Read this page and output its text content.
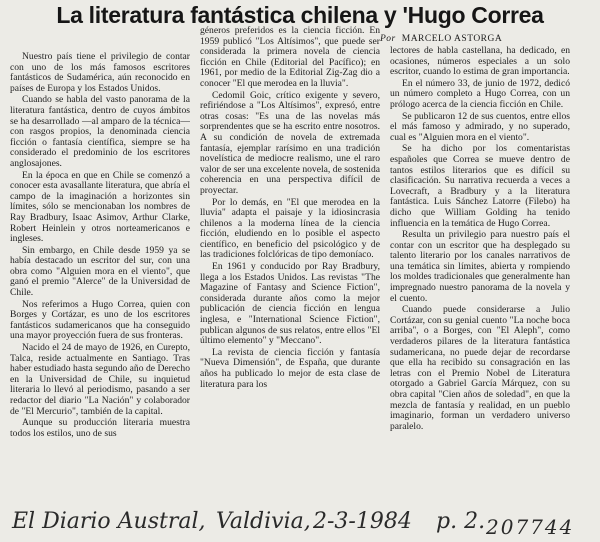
La literatura fantástica chilena y 'Hugo Correa
Por MARCELO ASTORGA

Nuestro país tiene el privilegio de contar con uno de los más famosos escritores fantásticos de Sudamérica, aún reconocido en países de Europa y los Estados Unidos.

Cuando se habla del vasto panorama de la literatura fantástica, dentro de cuyos ámbitos se ha desarrollado —al amparo de la técnica— con rasgos propios, la denominada ciencia ficción o fantasía científica, siempre se ha considerado el predominio de los escritores anglosajones.

En la época en que en Chile se comenzó a conocer esta avasallante literatura, que abría el campo de la imaginación a horizontes sin límites, sólo se mencionaban los nombres de Ray Bradbury, Isaac Asimov, Arthur Clarke, Robert Heinlein y otros norteamericanos e ingleses.

Sin embargo, en Chile desde 1959 ya se había destacado un escritor del sur, con una obra como "Alguien mora en el viento", que ganó el premio "Alerce" de la Universidad de Chile.

Nos referimos a Hugo Correa, quien con Borges y Cortázar, es uno de los escritores fantásticos sudamericanos que ha conseguido una mayor proyección fuera de sus fronteras.

Nacido el 24 de mayo de 1926, en Curepto, Talca, reside actualmente en Santiago. Tras haber estudiado hasta segundo año de Derecho en la Universidad de Chile, su inquietud literaria lo llevó al periodismo, pasando a ser redactor del diario "La Nación" y colaborador de "El Mercurio", también de la capital.

Aunque su producción literaria muestra todos los estilos, uno de sus

géneros preferidos es la ciencia ficción. En 1959 publicó "Los Altísimos", que puede ser considerada la primera novela de ciencia ficción en Chile (Editorial del Pacífico); en 1961, por medio de la Editorial Zig-Zag dio a conocer "El que merodea en la lluvia".

Cedomil Goic, crítico exigente y severo, refiriéndose a "Los Altísimos", expresó, entre otras cosas: "Es una de las novelas más sorprendentes que se ha escrito entre nosotros. A su condición de novela de extremada fantasía, ejemplar rarísimo en una tradición novelística de mediocre realismo, une el raro valor de ser una excelente novela, de sostenida coherencia en una perspectiva difícil de proyectar.

Por lo demás, en "El que merodea en la lluvia" adapta el paisaje y la idiosincrasia chilenos a la moderna línea de la ciencia ficción, eludiendo en lo posible el aspecto científico, en beneficio del psicológico y de las tradiciones folclóricas de tipo demoníaco.

En 1961 y conducido por Ray Bradbury, llega a los Estados Unidos. Las revistas "The Magazine of Fantasy and Science Fiction", considerada durante años como la mejor publicación de ciencia ficción en lengua inglesa, e "International Science Fiction", publican algunos de sus relatos, entre ellos "El último elemento" y "Meccano".

La revista de ciencia ficción y fantasía "Nueva Dimensión", de España, que durante años ha publicado lo mejor de esta clase de literatura para los

lectores de habla castellana, ha dedicado, en ocasiones, números especiales a un solo escritor, cuando lo estima de gran importancia.

En el número 33, de junio de 1972, dedicó un número completo a Hugo Correa, con un prólogo acerca de la ciencia ficción en Chile.

Se publicaron 12 de sus cuentos, entre ellos el más famoso y admirado, y no superado, cual es "Alguien mora en el viento".

Se ha dicho por los comentaristas españoles que Correa se mueve dentro de tantos estilos literarios que es difícil su clasificación. Su narrativa recuerda a veces a Lovecraft, a Bradbury y a la literatura fantástica. Luis Sánchez Latorre (Filebo) ha dicho que William Golding ha tenido influencia en la temática de Hugo Correa.

Resulta un privilegio para nuestro país el contar con un escritor que ha desplegado su talento literario por los canales narrativos de una temática sin límites, abierta y rompiendo los moldes tradicionales que generalmente han impregnado nuestro panorama de la novela y el cuento.

Cuando puede considerarse a Julio Cortázar, con su genial cuento "La noche boca arriba", o a Borges, con "El Aleph", como verdaderos pilares de la literatura fantástica sudamericana, no puede dejar de recordarse que ella ha recibido su consagración en las letras con el Premio Nobel de Literatura otorgado a Gabriel García Márquez, con su obra capital "Cien años de soledad", en que la mezcla de fantasía y realidad, en un pueblo imaginario, forman un verdadero universo paralelo.

El Diario Austral, Valdivia, 2-3-1984 p. 2. 207744
